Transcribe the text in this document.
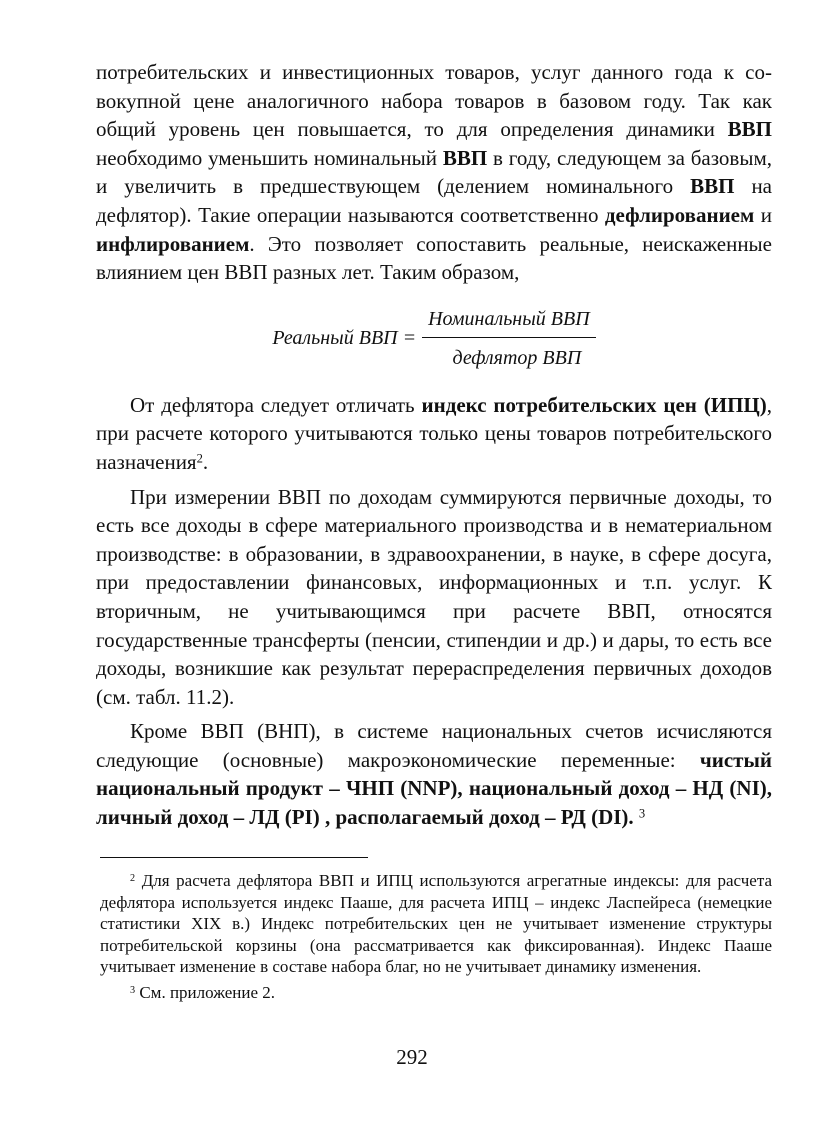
потребительских и инвестиционных товаров, услуг данного года к совокупной цене аналогичного набора товаров в базовом году. Так как общий уровень цен повышается, то для определения динамики ВВП необходимо уменьшить номинальный ВВП в году, следующем за базовым, и увеличить в предшествующем (делением номинального ВВП на дефлятор). Такие операции называются соответственно дефлированием и инфлированием. Это позволяет сопоставить реальные, неискаженные влиянием цен ВВП разных лет. Таким образом,

Реальный ВВП = $\frac{\text{Номинальный ВВП}}{\text{дефлятор ВВП}}$

От дефлятора следует отличать индекс потребительских цен (ИПЦ), при расчете которого учитываются только цены товаров потребительского назначения$^2$.

При измерении ВВП по доходам суммируются первичные доходы, то есть все доходы в сфере материального производства и в нематериальном производстве: в образовании, в здравоохранении, в науке, в сфере досуга, при предоставлении финансовых, информационных и т.п. услуг. К вторичным, не учитывающимся при расчете ВВП, относятся государственные трансферты (пенсии, стипендии и др.) и дары, то есть все доходы, возникшие как результат перераспределения первичных доходов (см. табл. 11.2).

Кроме ВВП (ВНП), в системе национальных счетов исчисляются следующие (основные) макроэкономические переменные: чистый национальный продукт – ЧНП (NNP), национальный доход – НД (NI), личный доход – ЛД (PI) , располагаемый доход – РД (DI). $^3$

$^2$ Для расчета дефлятора ВВП и ИПЦ используются агрегатные индексы: для расчета дефлятора используется индекс Пааше, для расчета ИПЦ – индекс Ласпейреса (немецкие статистики XIX в.) Индекс потребительских цен не учитывает изменение структуры потребительской корзины (она рассматривается как фиксированная). Индекс Пааше учитывает изменение в составе набора благ, но не учитывает динамику изменения.

$^3$ См. приложение 2.

292
